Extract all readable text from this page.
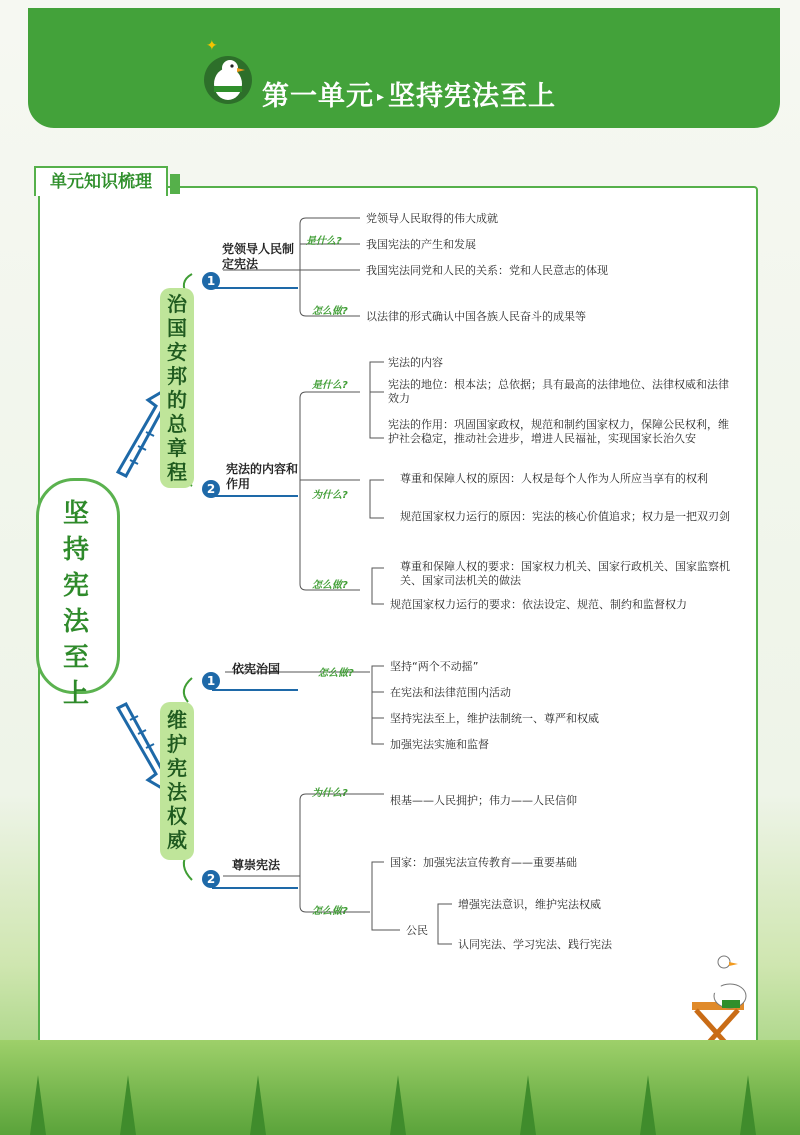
✦
第一单元 ▸ 坚持宪法至上
单元知识梳理
坚持宪法至上
治国安邦的总章程
维护宪法权威
1
党领导人民制定宪法
是什么?
党领导人民取得的伟大成就
我国宪法的产生和发展
我国宪法同党和人民的关系：党和人民意志的体现
怎么做? 以法律的形式确认中国各族人民奋斗的成果等
2
宪法的内容和作用
是什么?
宪法的内容
宪法的地位：根本法；总依据；具有最高的法律地位、法律权威和法律效力
宪法的作用：巩固国家政权，规范和制约国家权力，保障公民权利，维护社会稳定，推动社会进步，增进人民福祉，实现国家长治久安
为什么?
尊重和保障人权的原因：人权是每个人作为人所应当享有的权利
规范国家权力运行的原因：宪法的核心价值追求；权力是一把双刃剑
怎么做?
尊重和保障人权的要求：国家权力机关、国家行政机关、国家监察机关、国家司法机关的做法
规范国家权力运行的要求：依法设定、规范、制约和监督权力
1
依宪治国	怎么做?
坚持“两个不动摇”
在宪法和法律范围内活动
坚持宪法至上，维护法制统一、尊严和权威
加强宪法实施和监督
2
尊崇宪法
为什么?
根基——人民拥护；伟力——人民信仰
怎么做?
国家：加强宪法宣传教育——重要基础
公民
增强宪法意识，维护宪法权威
认同宪法、学习宪法、践行宪法
